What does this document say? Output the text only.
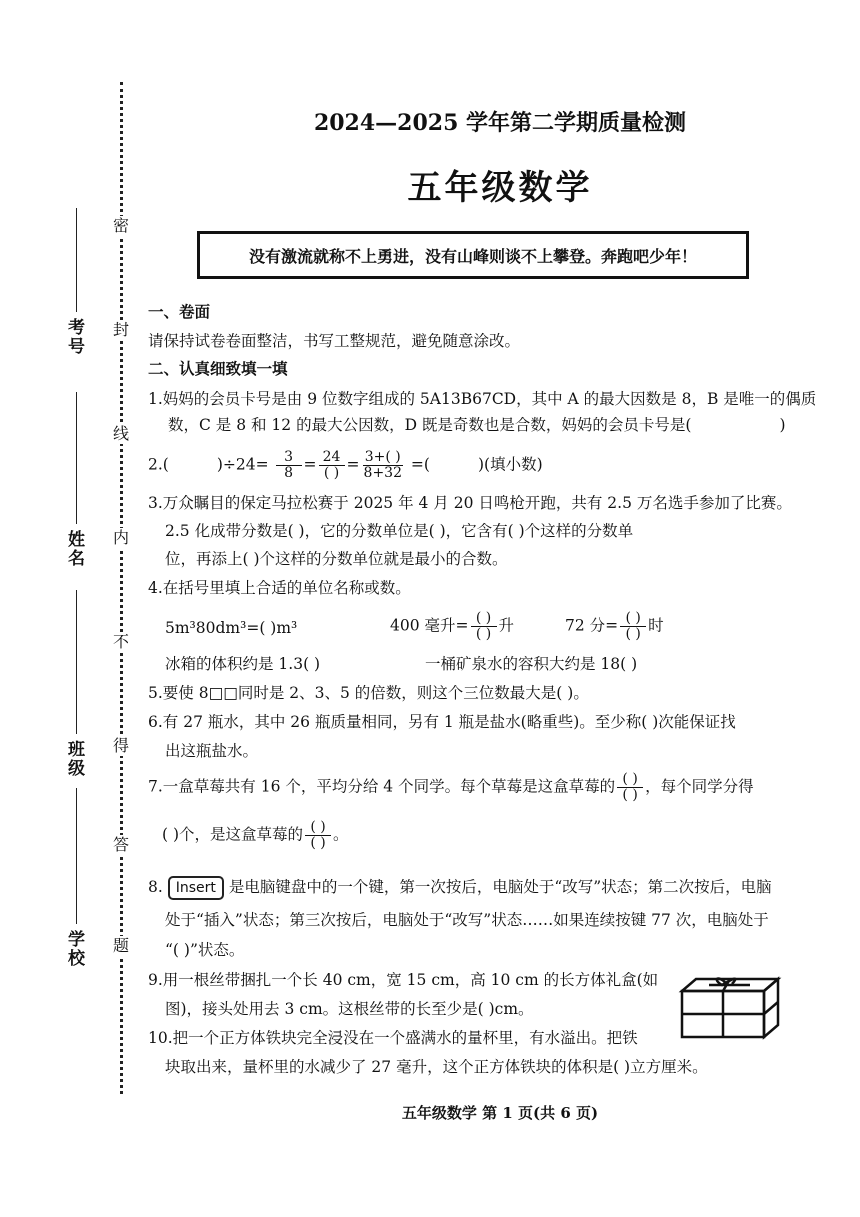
考号
姓名
班级
学校
密
封
线
内
不
得
答
题
2024—2025 学年第二学期质量检测
五年级数学
没有激流就称不上勇进，没有山峰则谈不上攀登。奔跑吧少年！
一、卷面
请保持试卷卷面整洁，书写工整规范，避免随意涂改。
二、认真细致填一填
1.妈妈的会员卡号是由 9 位数字组成的 5A13B67CD，其中 A 的最大因数是 8，B 是唯一的偶质
数，C 是 8 和 12 的最大公因数，D 既是奇数也是合数，妈妈的会员卡号是(	)
2.(	)$\div 24= \frac{3}{8} = \frac{24}{( )} = \frac{3+( )}{8+32}$ =(	)(填小数)
3.万众瞩目的保定马拉松赛于 2025 年 4 月 20 日鸣枪开跑，共有 2.5 万名选手参加了比赛。
2.5 化成带分数是( )，它的分数单位是( )，它含有( )个这样的分数单
位，再添上( )个这样的分数单位就是最小的合数。
4.在括号里填上合适的单位名称或数。
5m³80dm³=( )m³	400 毫升= $\frac{( )}{( )}$ 升	72 分= $\frac{( )}{( )}$ 时
冰箱的体积约是 1.3( )	一桶矿泉水的容积大约是 18( )
5.要使 8□□同时是 2、3、5 的倍数，则这个三位数最大是( )。
6.有 27 瓶水，其中 26 瓶质量相同，另有 1 瓶是盐水(略重些)。至少称( )次能保证找
出这瓶盐水。
7.一盒草莓共有 16 个，平均分给 4 个同学。每个草莓是这盒草莓的 $\frac{( )}{( )}$ ，每个同学分得
( )个，是这盒草莓的 $\frac{( )}{( )}$ 。
8. Insert 是电脑键盘中的一个键，第一次按后，电脑处于“改写”状态；第二次按后，电脑
处于“插入”状态；第三次按后，电脑处于“改写”状态……如果连续按键 77 次，电脑处于
“( )”状态。
9.用一根丝带捆扎一个长 40 cm，宽 15 cm，高 10 cm 的长方体礼盒(如
图)，接头处用去 3 cm。这根丝带的长至少是( )cm。
10.把一个正方体铁块完全浸没在一个盛满水的量杯里，有水溢出。把铁
块取出来，量杯里的水减少了 27 毫升，这个正方体铁块的体积是( )立方厘米。
五年级数学 第 1 页(共 6 页)
